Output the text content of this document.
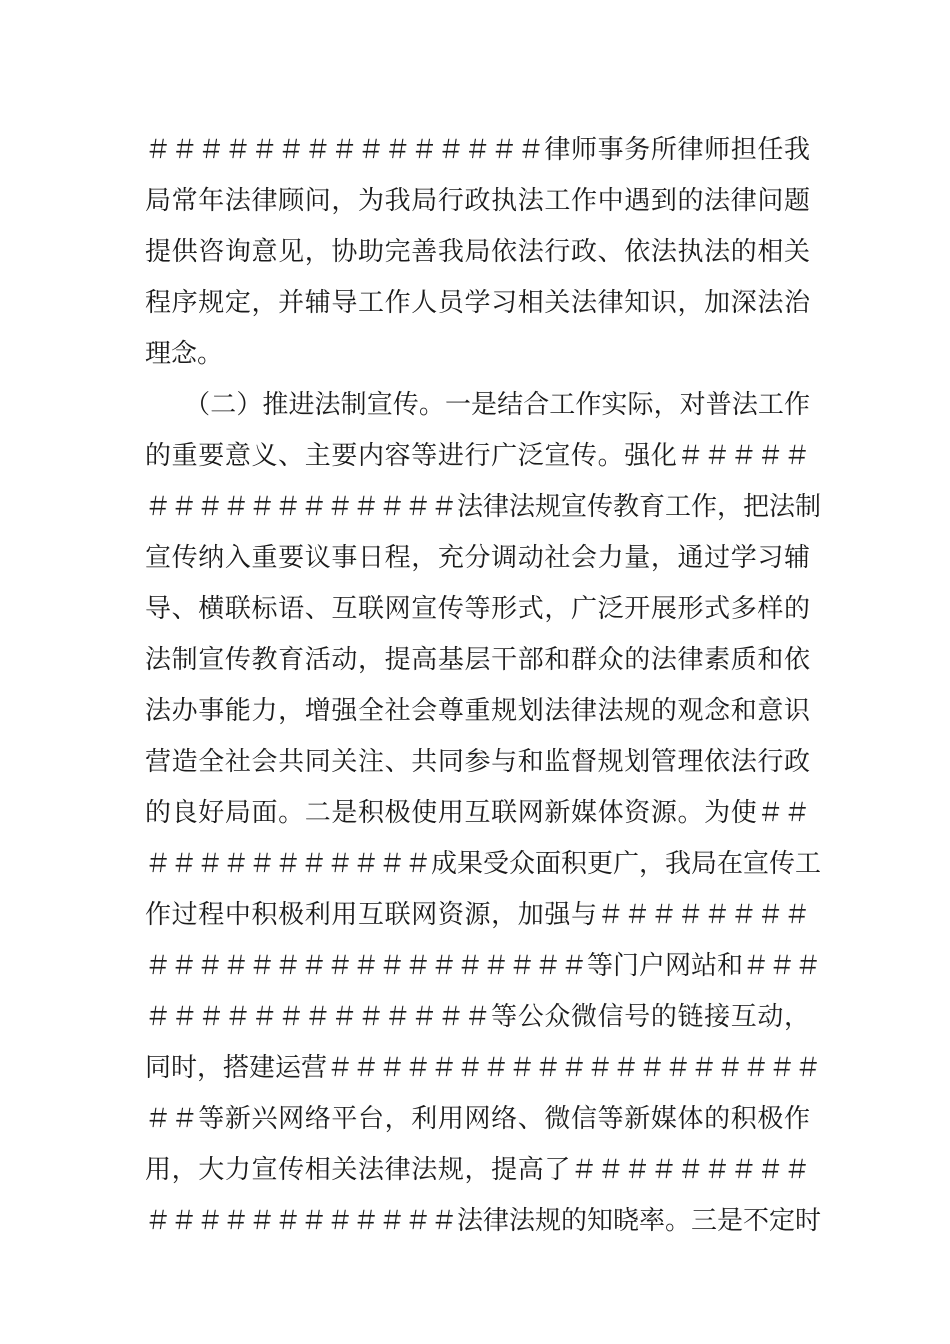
＃＃＃＃＃＃＃＃＃＃＃＃＃＃＃律师事务所律师担任我
局常年法律顾问，为我局行政执法工作中遇到的法律问题
提供咨询意见，协助完善我局依法行政、依法执法的相关
程序规定，并辅导工作人员学习相关法律知识，加深法治
理念。
　　（二）推进法制宣传。一是结合工作实际，对普法工作
的重要意义、主要内容等进行广泛宣传。强化＃＃＃＃＃
＃＃＃＃＃＃＃＃＃＃＃＃法律法规宣传教育工作，把法制
宣传纳入重要议事日程，充分调动社会力量，通过学习辅
导、横联标语、互联网宣传等形式，广泛开展形式多样的
法制宣传教育活动，提高基层干部和群众的法律素质和依
法办事能力，增强全社会尊重规划法律法规的观念和意识
营造全社会共同关注、共同参与和监督规划管理依法行政
的良好局面。二是积极使用互联网新媒体资源。为使＃＃
＃＃＃＃＃＃＃＃＃＃＃成果受众面积更广，我局在宣传工
作过程中积极利用互联网资源，加强与＃＃＃＃＃＃＃＃
＃＃＃＃＃＃＃＃＃＃＃＃＃＃＃＃＃等门户网站和＃＃＃
＃＃＃＃＃＃＃＃＃＃＃＃＃等公众微信号的链接互动，
同时，搭建运营＃＃＃＃＃＃＃＃＃＃＃＃＃＃＃＃＃＃＃
＃＃等新兴网络平台，利用网络、微信等新媒体的积极作
用，大力宣传相关法律法规，提高了＃＃＃＃＃＃＃＃＃
＃＃＃＃＃＃＃＃＃＃＃＃法律法规的知晓率。三是不定时
